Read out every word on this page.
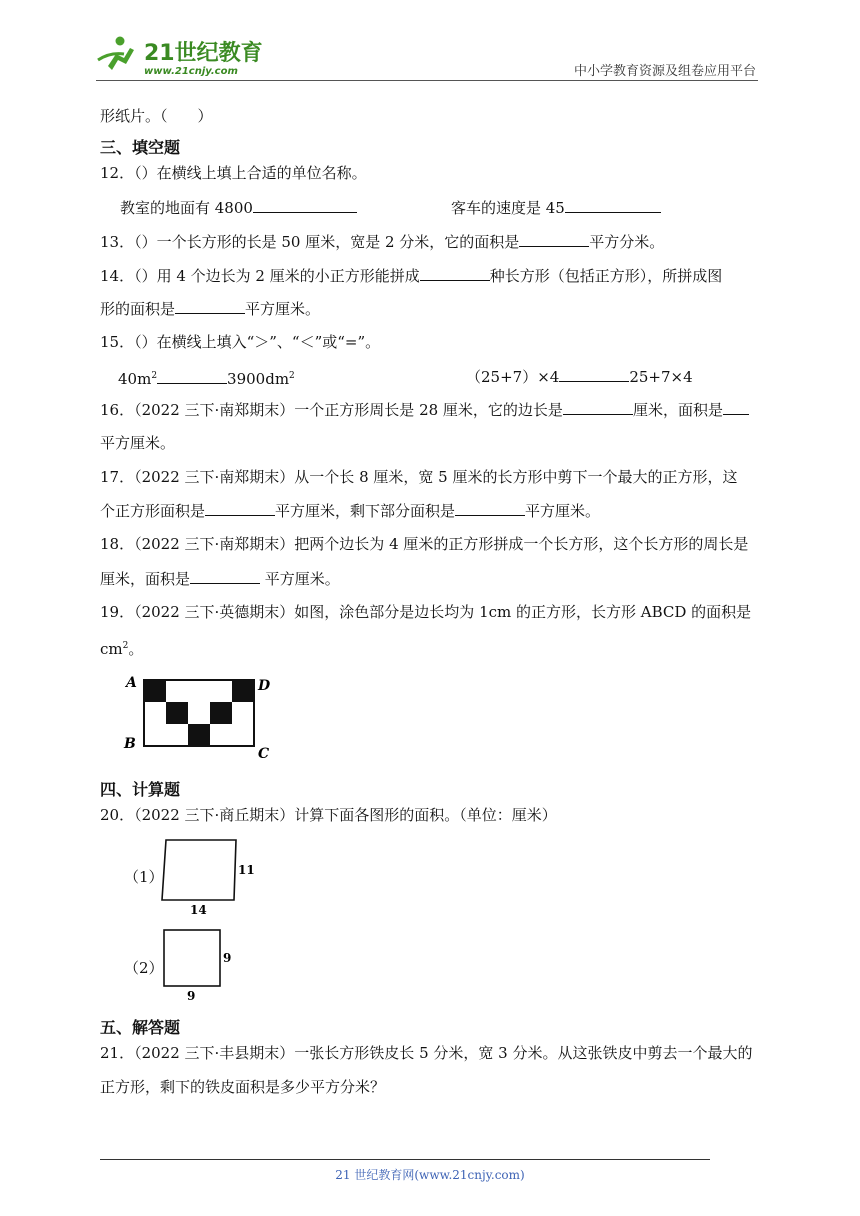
21世纪教育
www.21cnjy.com	中小学教育资源及组卷应用平台
形纸片。（　　）
三、填空题
12．（）在横线上填上合适的单位名称。
教室的地面有 4800	客车的速度是 45
13．（）一个长方形的长是 50 厘米，宽是 2 分米，它的面积是	平方分米。
14．（）用 4 个边长为 2 厘米的小正方形能拼成	种长方形（包括正方形），所拼成图
形的面积是	平方厘米。
15．（）在横线上填入“＞”、“＜”或“=”。
$40m^2$	$3900dm^2$	（25+7）×4	25+7×4
16．（2022 三下·南郑期末）一个正方形周长是 28 厘米，它的边长是	厘米，面积是
平方厘米。
17．（2022 三下·南郑期末）从一个长 8 厘米，宽 5 厘米的长方形中剪下一个最大的正方形，这
个正方形面积是	平方厘米，剩下部分面积是	平方厘米。
18．（2022 三下·南郑期末）把两个边长为 4 厘米的正方形拼成一个长方形，这个长方形的周长是
厘米，面积是	平方厘米。
19．（2022 三下·英德期末）如图，涂色部分是边长均为 1cm 的正方形，长方形 ABCD 的面积是
$cm^2$。
A	D
B
C
四、计算题
20．（2022 三下·商丘期末）计算下面各图形的面积。（单位：厘米）
（1）	11
14
（2）
9
9
五、解答题
21．（2022 三下·丰县期末）一张长方形铁皮长 5 分米，宽 3 分米。从这张铁皮中剪去一个最大的
正方形，剩下的铁皮面积是多少平方分米？
21 世纪教育网(www.21cnjy.com)
